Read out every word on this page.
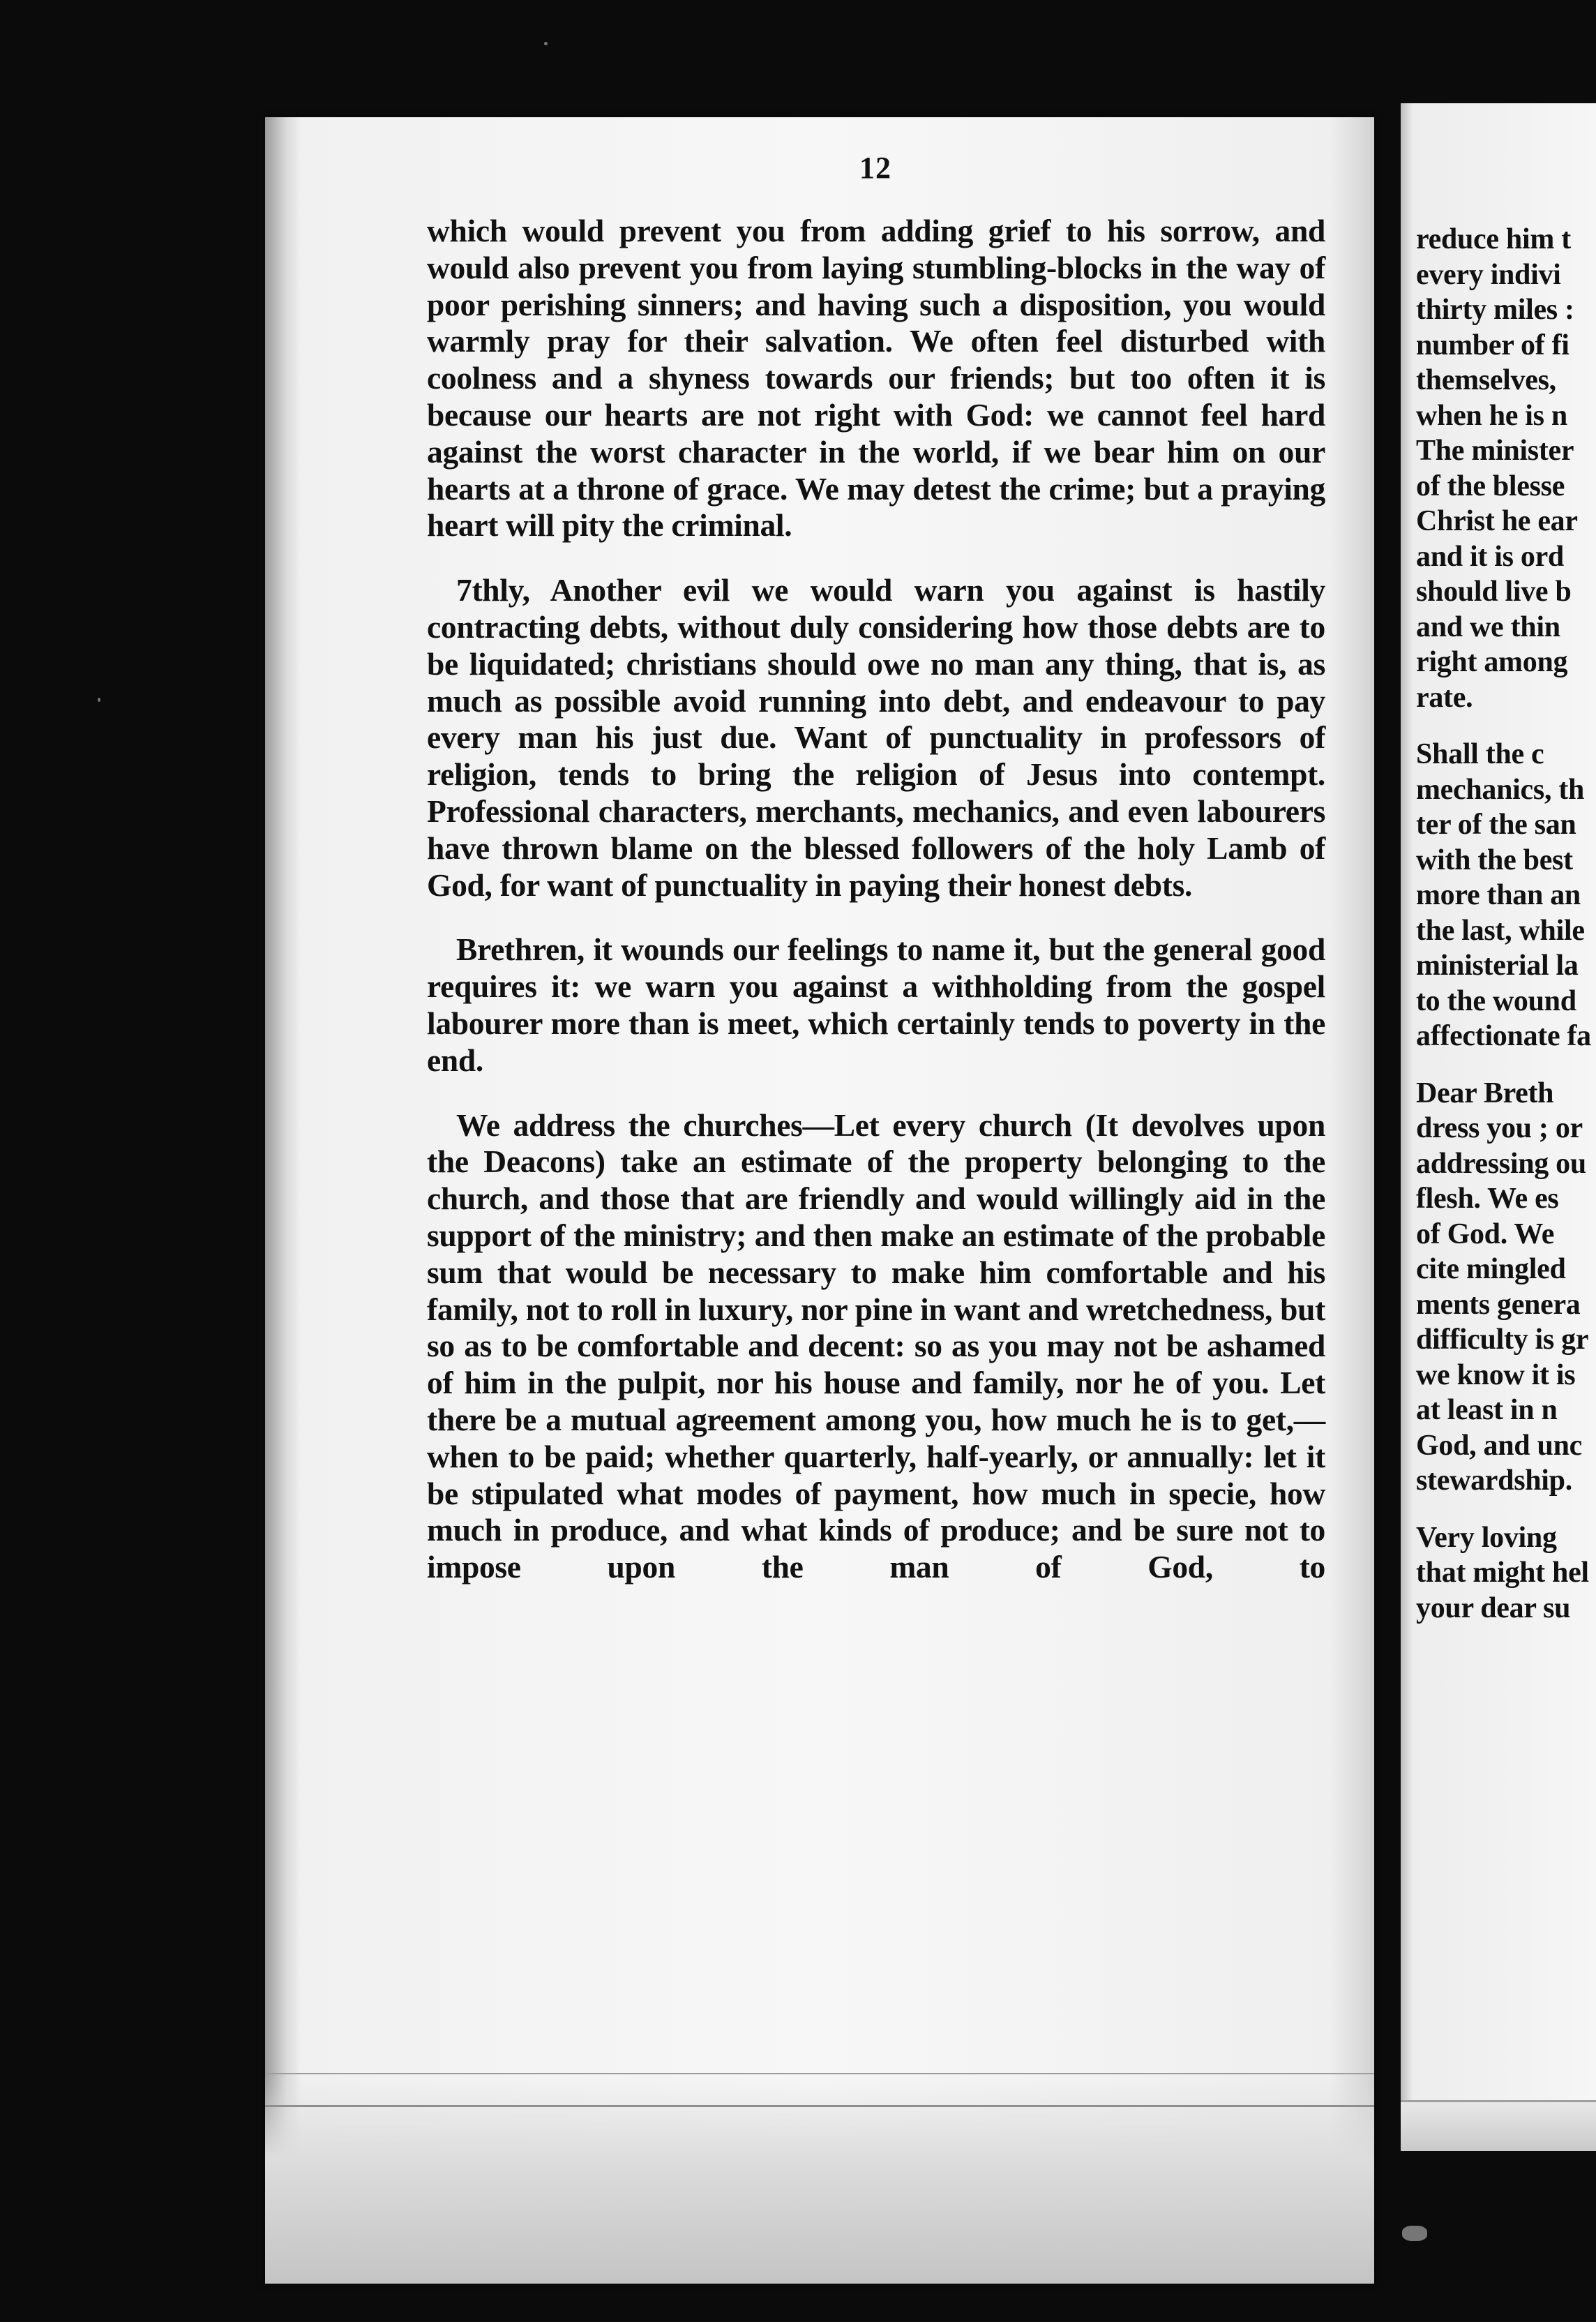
12

which would prevent you from adding grief to his sorrow, and would also prevent you from laying stumbling-blocks in the way of poor perishing sinners; and having such a disposition, you would warmly pray for their salvation. We often feel disturbed with coolness and a shyness towards our friends; but too often it is because our hearts are not right with God: we cannot feel hard against the worst character in the world, if we bear him on our hearts at a throne of grace. We may detest the crime; but a praying heart will pity the criminal.

7thly, Another evil we would warn you against is hastily contracting debts, without duly considering how those debts are to be liquidated; christians should owe no man any thing, that is, as much as possible avoid running into debt, and endeavour to pay every man his just due. Want of punctuality in professors of religion, tends to bring the religion of Jesus into contempt. Professional characters, merchants, mechanics, and even labourers have thrown blame on the blessed followers of the holy Lamb of God, for want of punctuality in paying their honest debts.

Brethren, it wounds our feelings to name it, but the general good requires it: we warn you against a withholding from the gospel labourer more than is meet, which certainly tends to poverty in the end.

We address the churches—Let every church (It devolves upon the Deacons) take an estimate of the property belonging to the church, and those that are friendly and would willingly aid in the support of the ministry; and then make an estimate of the probable sum that would be necessary to make him comfortable and his family, not to roll in luxury, nor pine in want and wretchedness, but so as to be comfortable and decent: so as you may not be ashamed of him in the pulpit, nor his house and family, nor he of you. Let there be a mutual agreement among you, how much he is to get,—when to be paid; whether quarterly, half-yearly, or annually: let it be stipulated what modes of payment, how much in specie, how much in produce, and what kinds of produce; and be sure not to impose upon the man of God, to

reduce him t
every indivi
thirty miles :
number of fi
themselves,
when he is n
The minister
of the blesse
Christ he ear
and it is ord
should live b
and we thin
right among
rate.
Shall the c
mechanics, th
ter of the san
with the best
more than an
the last, while
ministerial la
to the wound
affectionate fa
Dear Breth
dress you ; or
addressing ou
flesh. We es
of God. We
cite mingled
ments genera
difficulty is gr
we know it is
at least in n
God, and unc
stewardship.
Very loving
that might hel
your dear su
